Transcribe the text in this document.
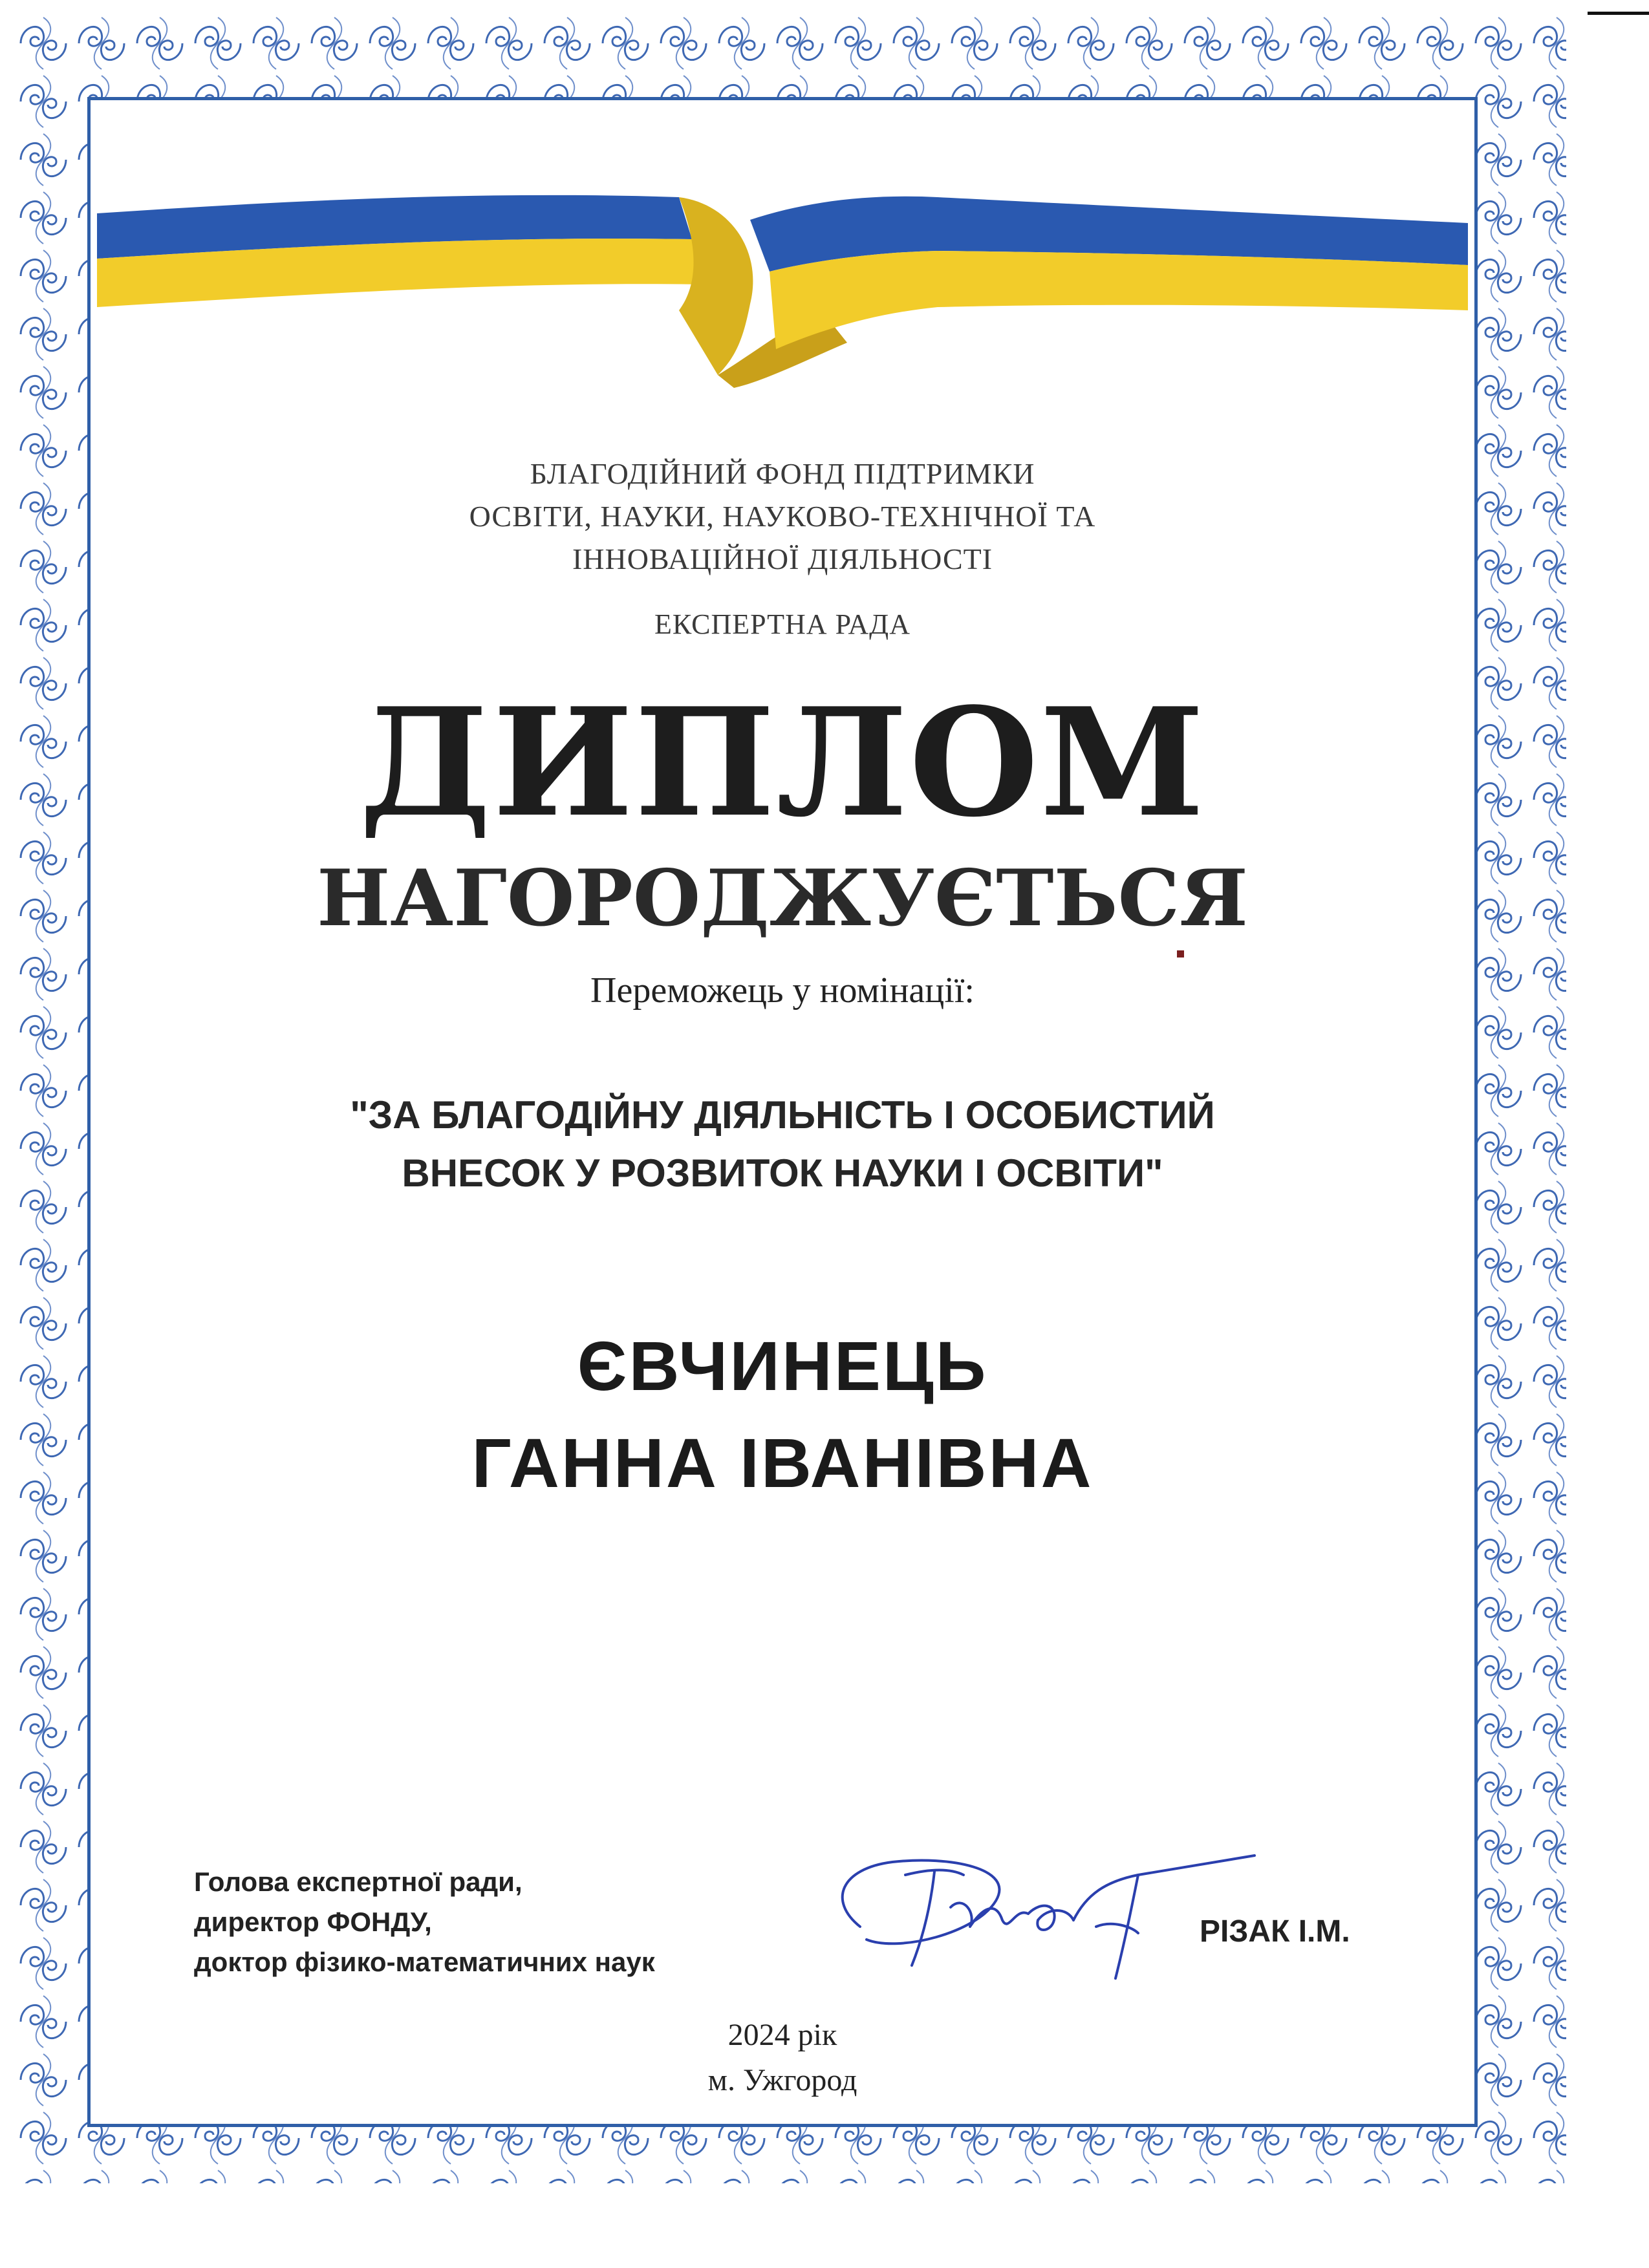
БЛАГОДІЙНИЙ ФОНД ПІДТРИМКИ
ОСВІТИ, НАУКИ, НАУКОВО-ТЕХНІЧНОЇ ТА
ІННОВАЦІЙНОЇ ДІЯЛЬНОСТІ
ЕКСПЕРТНА РАДА
ДИПЛОМ
НАГОРОДЖУЄТЬСЯ
Переможець у номінації:
"ЗА БЛАГОДІЙНУ ДІЯЛЬНІСТЬ І ОСОБИСТИЙ
ВНЕСОК У РОЗВИТОК НАУКИ І ОСВІТИ"
ЄВЧИНЕЦЬ
ГАННА ІВАНІВНА
Голова експертної ради,
директор ФОНДУ,
доктор фізико-математичних наук
РІЗАК І.М.
2024 рік
м. Ужгород
